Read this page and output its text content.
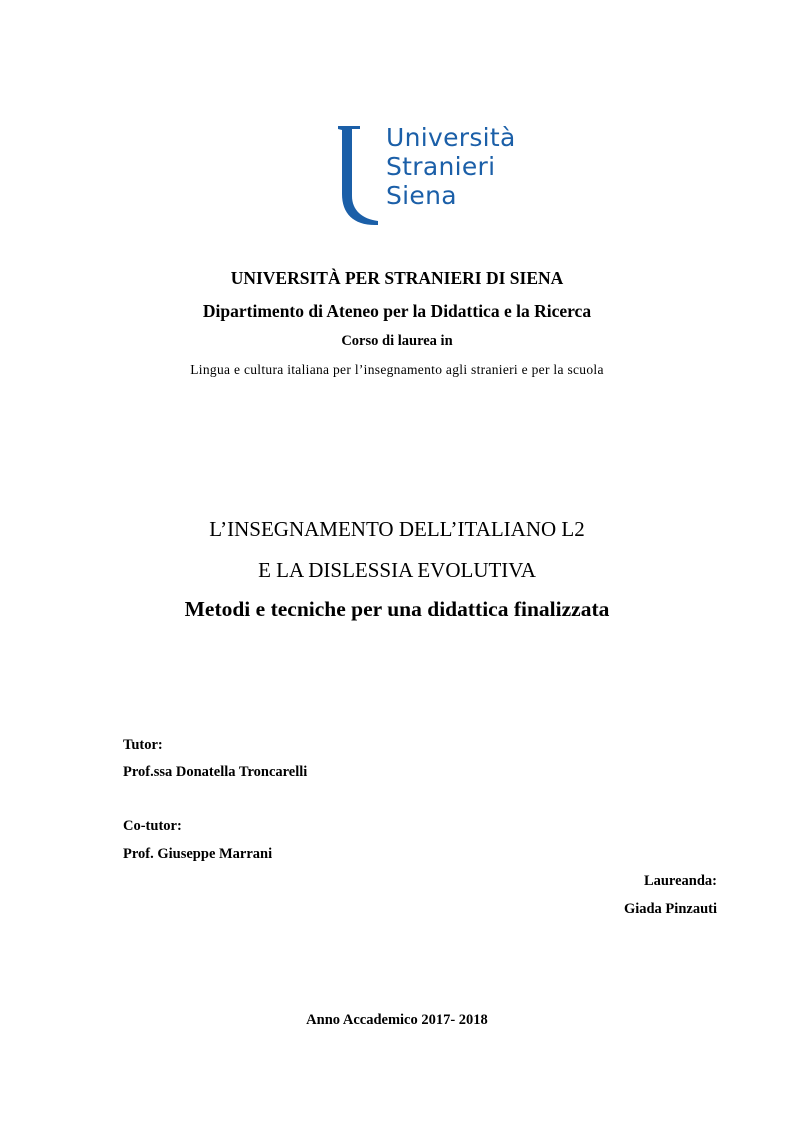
Università
Stranieri
Siena
UNIVERSITÀ PER STRANIERI DI SIENA
Dipartimento di Ateneo per la Didattica e la Ricerca
Corso di laurea in
Lingua e cultura italiana per l’insegnamento agli stranieri e per la scuola
L’INSEGNAMENTO DELL’ITALIANO L2
E LA DISLESSIA EVOLUTIVA
Metodi e tecniche per una didattica finalizzata
Tutor:
Prof.ssa Donatella Troncarelli
Co-tutor:
Prof. Giuseppe Marrani
Laureanda:
Giada Pinzauti
Anno Accademico 2017- 2018
